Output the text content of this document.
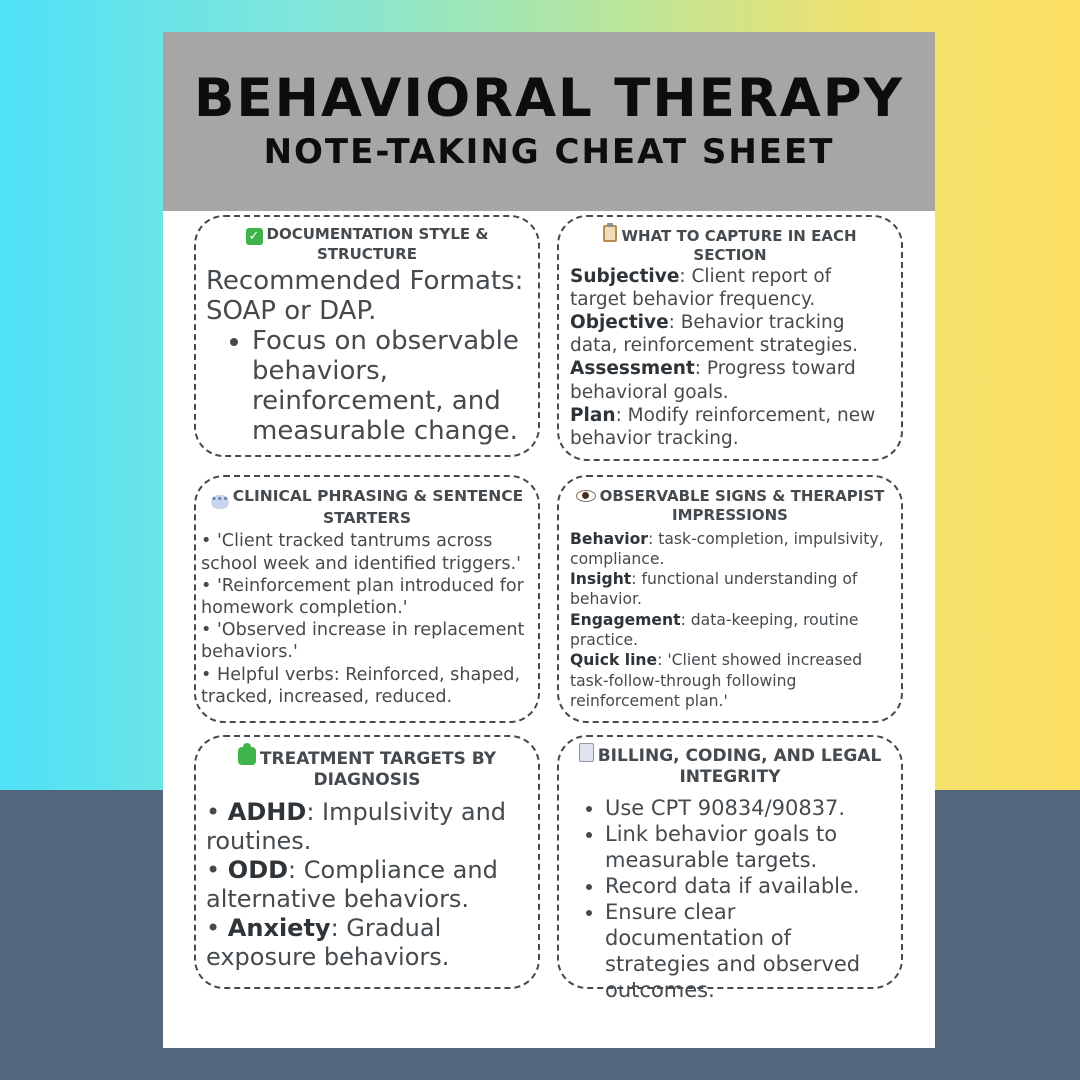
BEHAVIORAL THERAPY
NOTE-TAKING CHEAT SHEET
✓ DOCUMENTATION STYLE & STRUCTURE
Recommended Formats: SOAP or DAP.
• Focus on observable behaviors, reinforcement, and measurable change.
WHAT TO CAPTURE IN EACH SECTION
Subjective: Client report of target behavior frequency.
Objective: Behavior tracking data, reinforcement strategies.
Assessment: Progress toward behavioral goals.
Plan: Modify reinforcement, new behavior tracking.
••• CLINICAL PHRASING & SENTENCE STARTERS
• 'Client tracked tantrums across school week and identified triggers.'
• 'Reinforcement plan introduced for homework completion.'
• 'Observed increase in replacement behaviors.'
• Helpful verbs: Reinforced, shaped, tracked, increased, reduced.
OBSERVABLE SIGNS & THERAPIST IMPRESSIONS
Behavior: task-completion, impulsivity, compliance.
Insight: functional understanding of behavior.
Engagement: data-keeping, routine practice.
Quick line: 'Client showed increased task-follow-through following reinforcement plan.'
TREATMENT TARGETS BY DIAGNOSIS
• ADHD: Impulsivity and routines.
• ODD: Compliance and alternative behaviors.
• Anxiety: Gradual exposure behaviors.
BILLING, CODING, AND LEGAL INTEGRITY
• Use CPT 90834/90837.
• Link behavior goals to measurable targets.
• Record data if available.
• Ensure clear documentation of strategies and observed outcomes.
